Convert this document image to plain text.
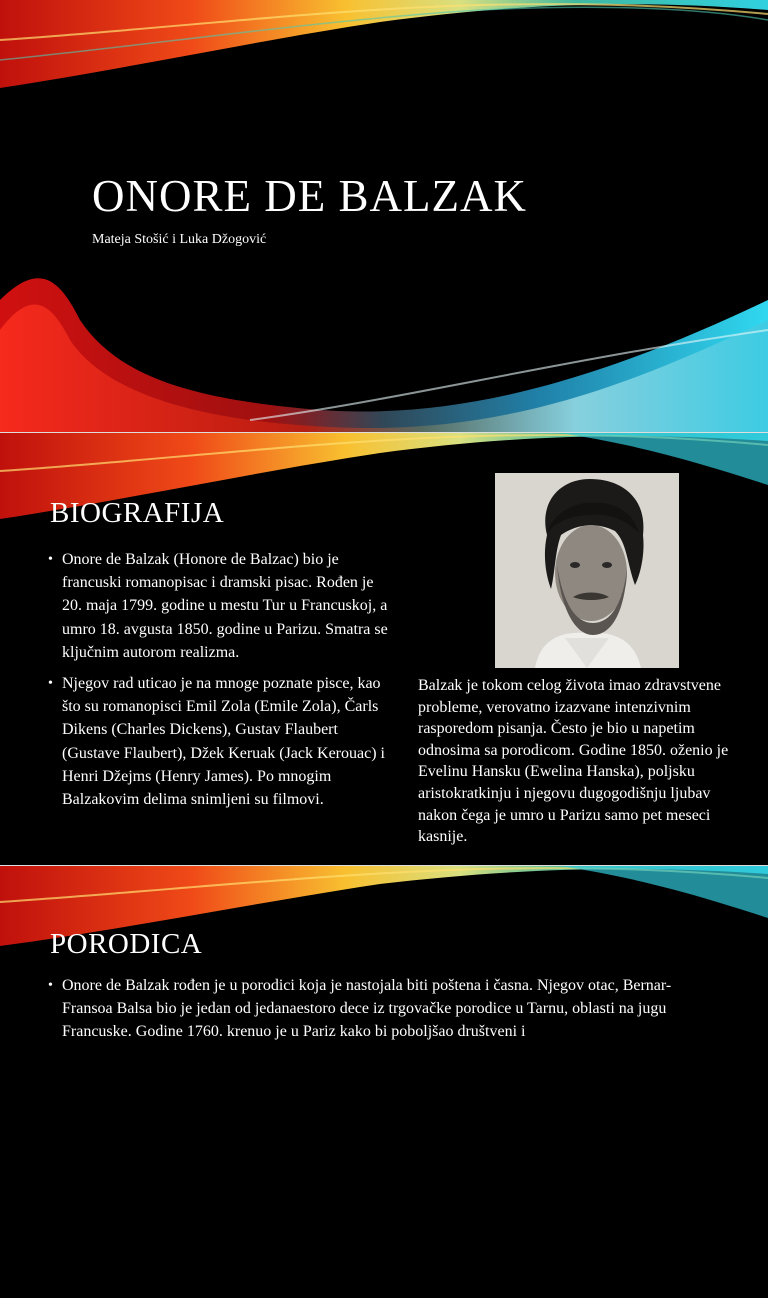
ONORE DE BALZAK
Mateja Stošić i Luka Džogović
BIOGRAFIJA
• Onore de Balzak (Honore de Balzac) bio je francuski romanopisac i dramski pisac. Rođen je 20. maja 1799. godine u mestu Tur u Francuskoj, a umro 18. avgusta 1850. godine u Parizu. Smatra se ključnim autorom realizma.
• Njegov rad uticao je na mnoge poznate pisce, kao što su romanopisci Emil Zola (Emile Zola), Čarls Dikens (Charles Dickens), Gustav Flaubert (Gustave Flaubert), Džek Keruak (Jack Kerouac) i Henri Džejms (Henry James). Po mnogim Balzakovim delima snimljeni su filmovi.
Balzak je tokom celog života imao zdravstvene probleme, verovatno izazvane intenzivnim rasporedom pisanja. Često je bio u napetim odnosima sa porodicom. Godine 1850. oženio je Evelinu Hansku (Ewelina Hanska), poljsku aristokratkinju i njegovu dugogodišnju ljubav nakon čega je umro u Parizu samo pet meseci kasnije.
PORODICA
• Onore de Balzak rođen je u porodici koja je nastojala biti poštena i časna. Njegov otac, Bernar-Fransoa Balsa bio je jedan od jedanaestoro dece iz trgovačke porodice u Tarnu, oblasti na jugu Francuske. Godine 1760. krenuo je u Pariz kako bi poboljšao društveni i
